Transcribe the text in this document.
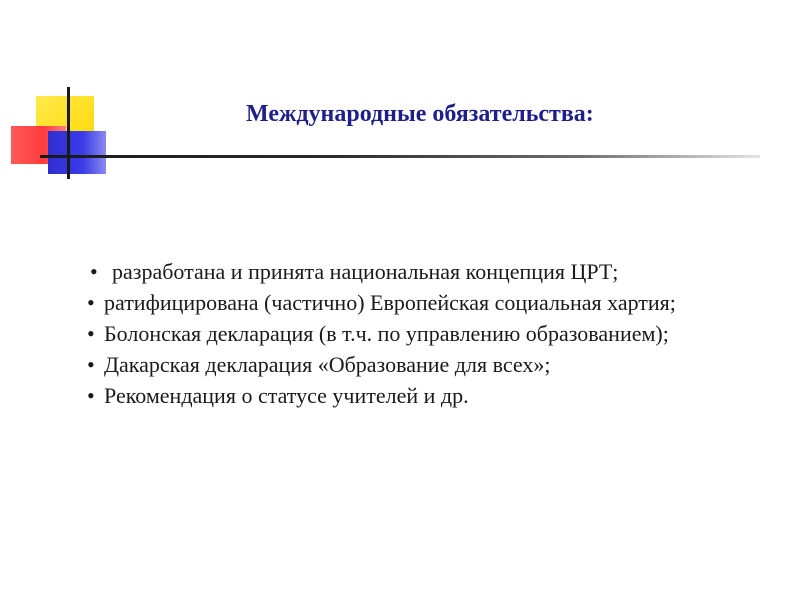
Международные обязательства:
• разработана и принята национальная концепция ЦРТ;
• ратифицирована (частично) Европейская социальная хартия;
• Болонская декларация (в т.ч. по управлению образованием);
• Дакарская декларация «Образование для всех»;
• Рекомендация о статусе учителей и др.
